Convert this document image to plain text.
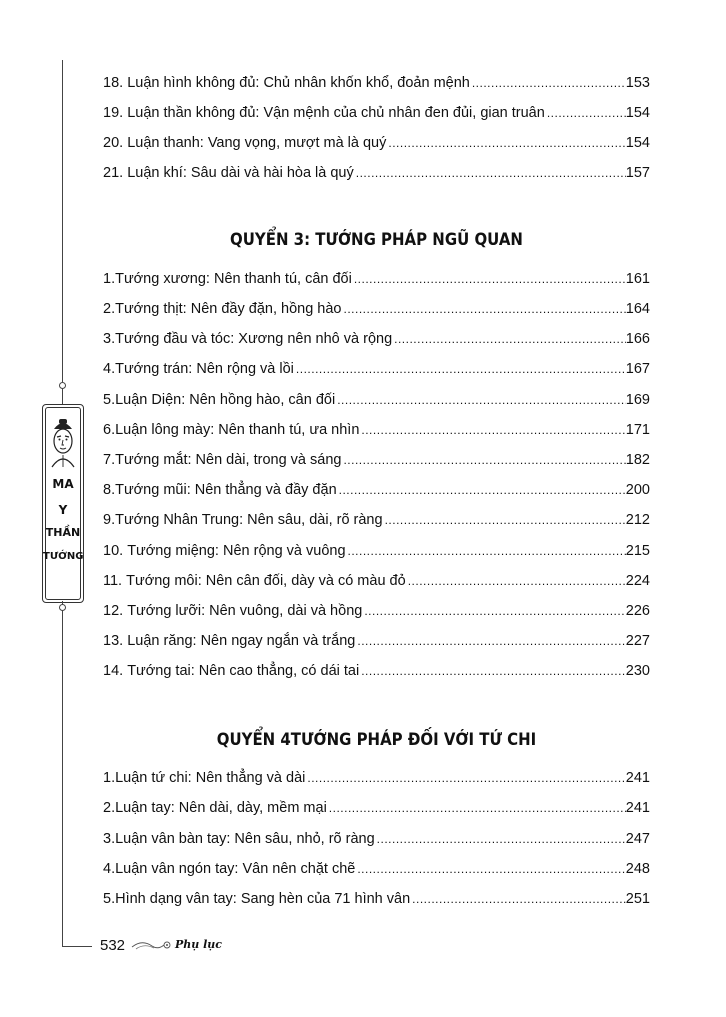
MA
Y
THẦN
TƯỚNG
18.
Luận hình không đủ: Chủ nhân khốn khổ, đoản mệnh .....	153
19.
Luận thần không đủ: Vận mệnh của chủ nhân đen đủi, gian truân .....	154
20.
Luận thanh: Vang vọng, mượt mà là quý .....	154
21.
Luận khí: Sâu dài và hài hòa là quý .....	157
QUYỂN 3: TƯỚNG PHÁP NGŨ QUAN
1. Tướng xương: Nên thanh tú, cân đối .....	161
2. Tướng thịt: Nên đầy đặn, hồng hào .....	164
3. Tướng đầu và tóc: Xương nên nhô và rộng .....	166
4. Tướng trán: Nên rộng và lồi .....	167
5. Luận Diện: Nên hồng hào, cân đối .....	169
6. Luận lông mày: Nên thanh tú, ưa nhìn .....	171
7. Tướng mắt: Nên dài, trong và sáng .....	182
8. Tướng mũi: Nên thẳng và đầy đặn .....	200
9. Tướng Nhân Trung: Nên sâu, dài, rõ ràng .....	212
10.
Tướng miệng: Nên rộng và vuông .....	215
11.
Tướng môi: Nên cân đối, dày và có màu đỏ .....	224
12.
Tướng lưỡi: Nên vuông, dài và hồng .....	226
13.
Luận răng: Nên ngay ngắn và trắng .....	227
14.
Tướng tai: Nên cao thẳng, có dái tai .....	230
QUYỂN 4TƯỚNG PHÁP ĐỐI VỚI TỨ CHI
1. Luận tứ chi: Nên thẳng và dài .....	241
2. Luận tay: Nên dài, dày, mềm mại .....	241
3. Luận vân bàn tay: Nên sâu, nhỏ, rõ ràng .....	247
4. Luận vân ngón tay: Vân nên chặt chẽ .....	248
5. Hình dạng vân tay: Sang hèn của 71 hình vân .....	251
532	Phụ lục
